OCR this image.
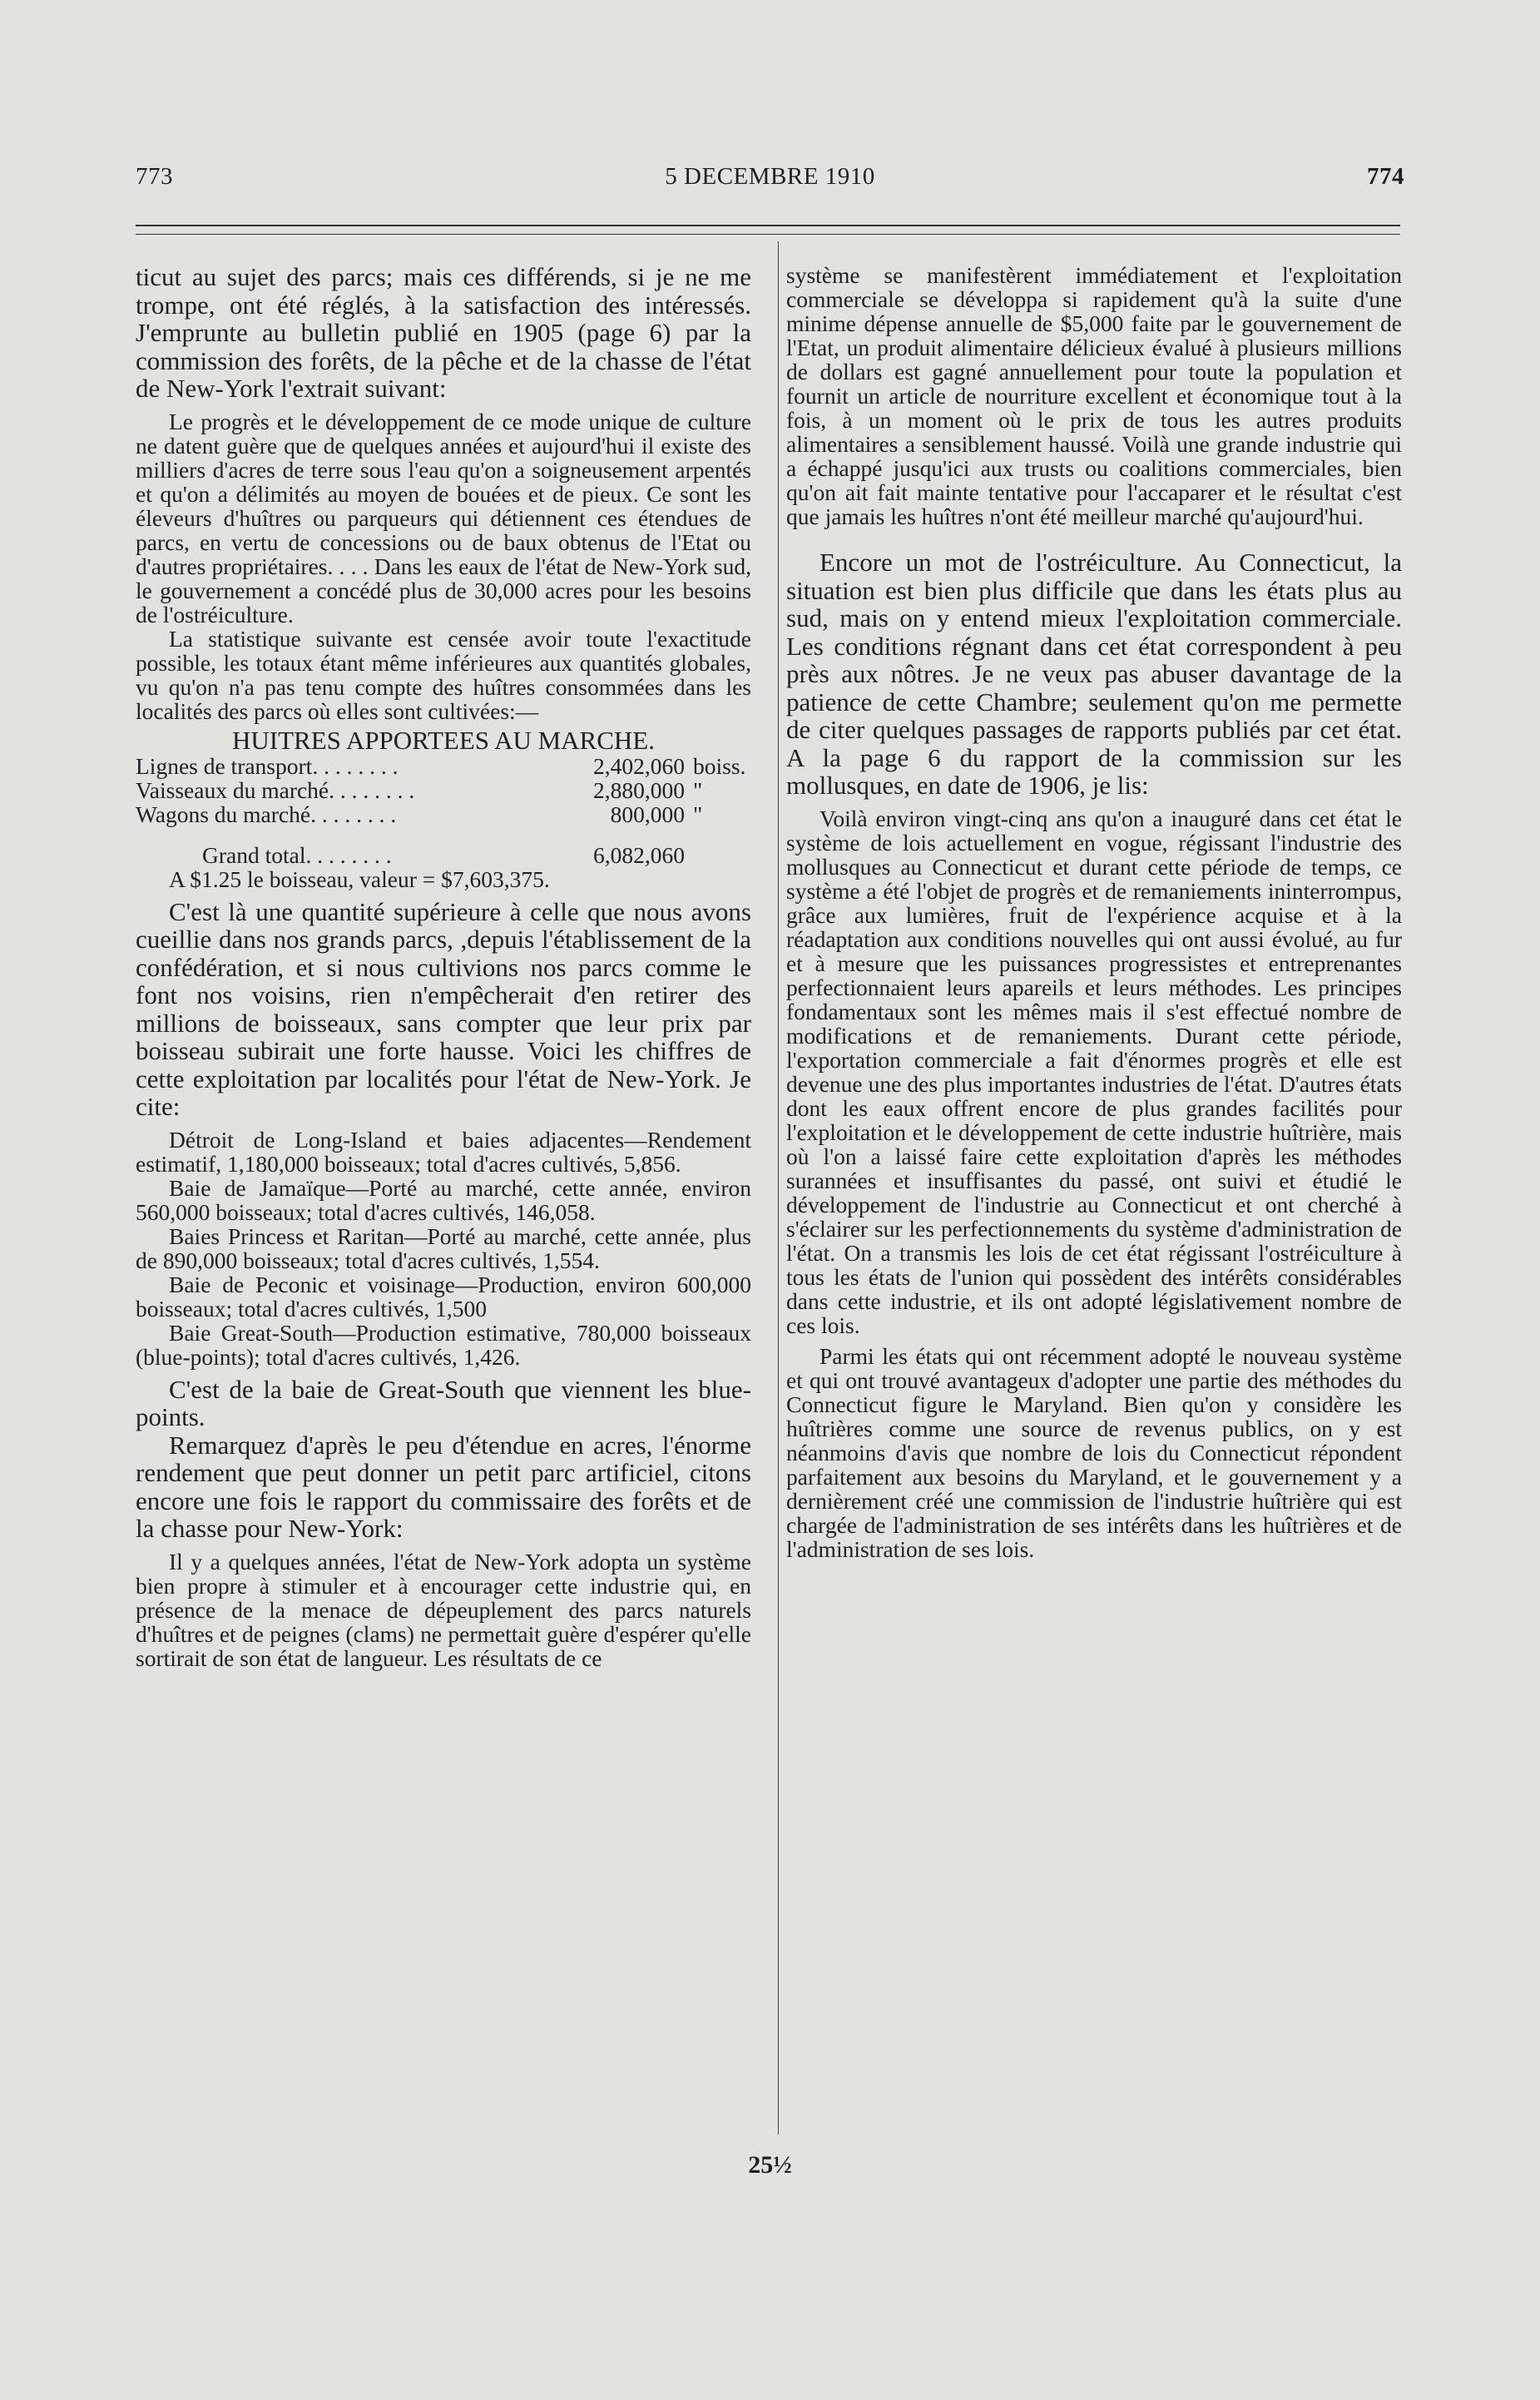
5 DECEMBRE 1910
773	774

ticut au sujet des parcs; mais ces différends, si je ne me trompe, ont été réglés, à la satisfaction des intéressés. J'emprunte au bulletin publié en 1905 (page 6) par la commission des forêts, de la pêche et de la chasse de l'état de New-York l'extrait suivant:

Le progrès et le développement de ce mode unique de culture ne datent guère que de quelques années et aujourd'hui il existe des milliers d'acres de terre sous l'eau qu'on a soigneusement arpentés et qu'on a délimités au moyen de bouées et de pieux. Ce sont les éleveurs d'huîtres ou parqueurs qui détiennent ces étendues de parcs, en vertu de concessions ou de baux obtenus de l'Etat ou d'autres propriétaires. . . . Dans les eaux de l'état de New-York sud, le gouvernement a concédé plus de 30,000 acres pour les besoins de l'ostréiculture.

La statistique suivante est censée avoir toute l'exactitude possible, les totaux étant même inférieures aux quantités globales, vu qu'on n'a pas tenu compte des huîtres consommées dans les localités des parcs où elles sont cultivées:—

HUITRES APPORTEES AU MARCHE.
Lignes de transport . . . . . . . .	2,402,060 boiss.
Vaisseaux du marché . . . . . . . .	2,880,000 "
Wagons du marché . . . . . . . .	800,000 "
Grand total . . . . . . . .	6,082,060
A $1.25 le boisseau, valeur = $7,603,375.

C'est là une quantité supérieure à celle que nous avons cueillie dans nos grands parcs, ,depuis l'établissement de la confédération, et si nous cultivions nos parcs comme le font nos voisins, rien n'empêcherait d'en retirer des millions de boisseaux, sans compter que leur prix par boisseau subirait une forte hausse. Voici les chiffres de cette exploitation par localités pour l'état de New-York. Je cite:

Détroit de Long-Island et baies adjacentes—Rendement estimatif, 1,180,000 boisseaux; total d'acres cultivés, 5,856.

Baie de Jamaïque—Porté au marché, cette année, environ 560,000 boisseaux; total d'acres cultivés, 146,058.

Baies Princess et Raritan—Porté au marché, cette année, plus de 890,000 boisseaux; total d'acres cultivés, 1,554.

Baie de Peconic et voisinage—Production, environ 600,000 boisseaux; total d'acres cultivés, 1,500

Baie Great-South—Production estimative, 780,000 boisseaux (blue-points); total d'acres cultivés, 1,426.

C'est de la baie de Great-South que viennent les blue-points.

Remarquez d'après le peu d'étendue en acres, l'énorme rendement que peut donner un petit parc artificiel, citons encore une fois le rapport du commissaire des forêts et de la chasse pour New-York:

Il y a quelques années, l'état de New-York adopta un système bien propre à stimuler et à encourager cette industrie qui, en présence de la menace de dépeuplement des parcs naturels d'huîtres et de peignes (clams) ne permettait guère d'espérer qu'elle sortirait de son état de langueur. Les résultats de ce

système se manifestèrent immédiatement et l'exploitation commerciale se développa si rapidement qu'à la suite d'une minime dépense annuelle de $5,000 faite par le gouvernement de l'Etat, un produit alimentaire délicieux évalué à plusieurs millions de dollars est gagné annuellement pour toute la population et fournit un article de nourriture excellent et économique tout à la fois, à un moment où le prix de tous les autres produits alimentaires a sensiblement haussé. Voilà une grande industrie qui a échappé jusqu'ici aux trusts ou coalitions commerciales, bien qu'on ait fait mainte tentative pour l'accaparer et le résultat c'est que jamais les huîtres n'ont été meilleur marché qu'aujourd'hui.

Encore un mot de l'ostréiculture. Au Connecticut, la situation est bien plus difficile que dans les états plus au sud, mais on y entend mieux l'exploitation commerciale. Les conditions régnant dans cet état correspondent à peu près aux nôtres. Je ne veux pas abuser davantage de la patience de cette Chambre; seulement qu'on me permette de citer quelques passages de rapports publiés par cet état. A la page 6 du rapport de la commission sur les mollusques, en date de 1906, je lis:

Voilà environ vingt-cinq ans qu'on a inauguré dans cet état le système de lois actuellement en vogue, régissant l'industrie des mollusques au Connecticut et durant cette période de temps, ce système a été l'objet de progrès et de remaniements ininterrompus, grâce aux lumières, fruit de l'expérience acquise et à la réadaptation aux conditions nouvelles qui ont aussi évolué, au fur et à mesure que les puissances progressistes et entreprenantes perfectionnaient leurs apareils et leurs méthodes. Les principes fondamentaux sont les mêmes mais il s'est effectué nombre de modifications et de remaniements. Durant cette période, l'exportation commerciale a fait d'énormes progrès et elle est devenue une des plus importantes industries de l'état. D'autres états dont les eaux offrent encore de plus grandes facilités pour l'exploitation et le développement de cette industrie huîtrière, mais où l'on a laissé faire cette exploitation d'après les méthodes surannées et insuffisantes du passé, ont suivi et étudié le développement de l'industrie au Connecticut et ont cherché à s'éclairer sur les perfectionnements du système d'administration de l'état. On a transmis les lois de cet état régissant l'ostréiculture à tous les états de l'union qui possèdent des intérêts considérables dans cette industrie, et ils ont adopté législativement nombre de ces lois.

Parmi les états qui ont récemment adopté le nouveau système et qui ont trouvé avantageux d'adopter une partie des méthodes du Connecticut figure le Maryland. Bien qu'on y considère les huîtrières comme une source de revenus publics, on y est néanmoins d'avis que nombre de lois du Connecticut répondent parfaitement aux besoins du Maryland, et le gouvernement y a dernièrement créé une commission de l'industrie huîtrière qui est chargée de l'administration de ses intérêts dans les huîtrières et de l'administration de ses lois.

25½
